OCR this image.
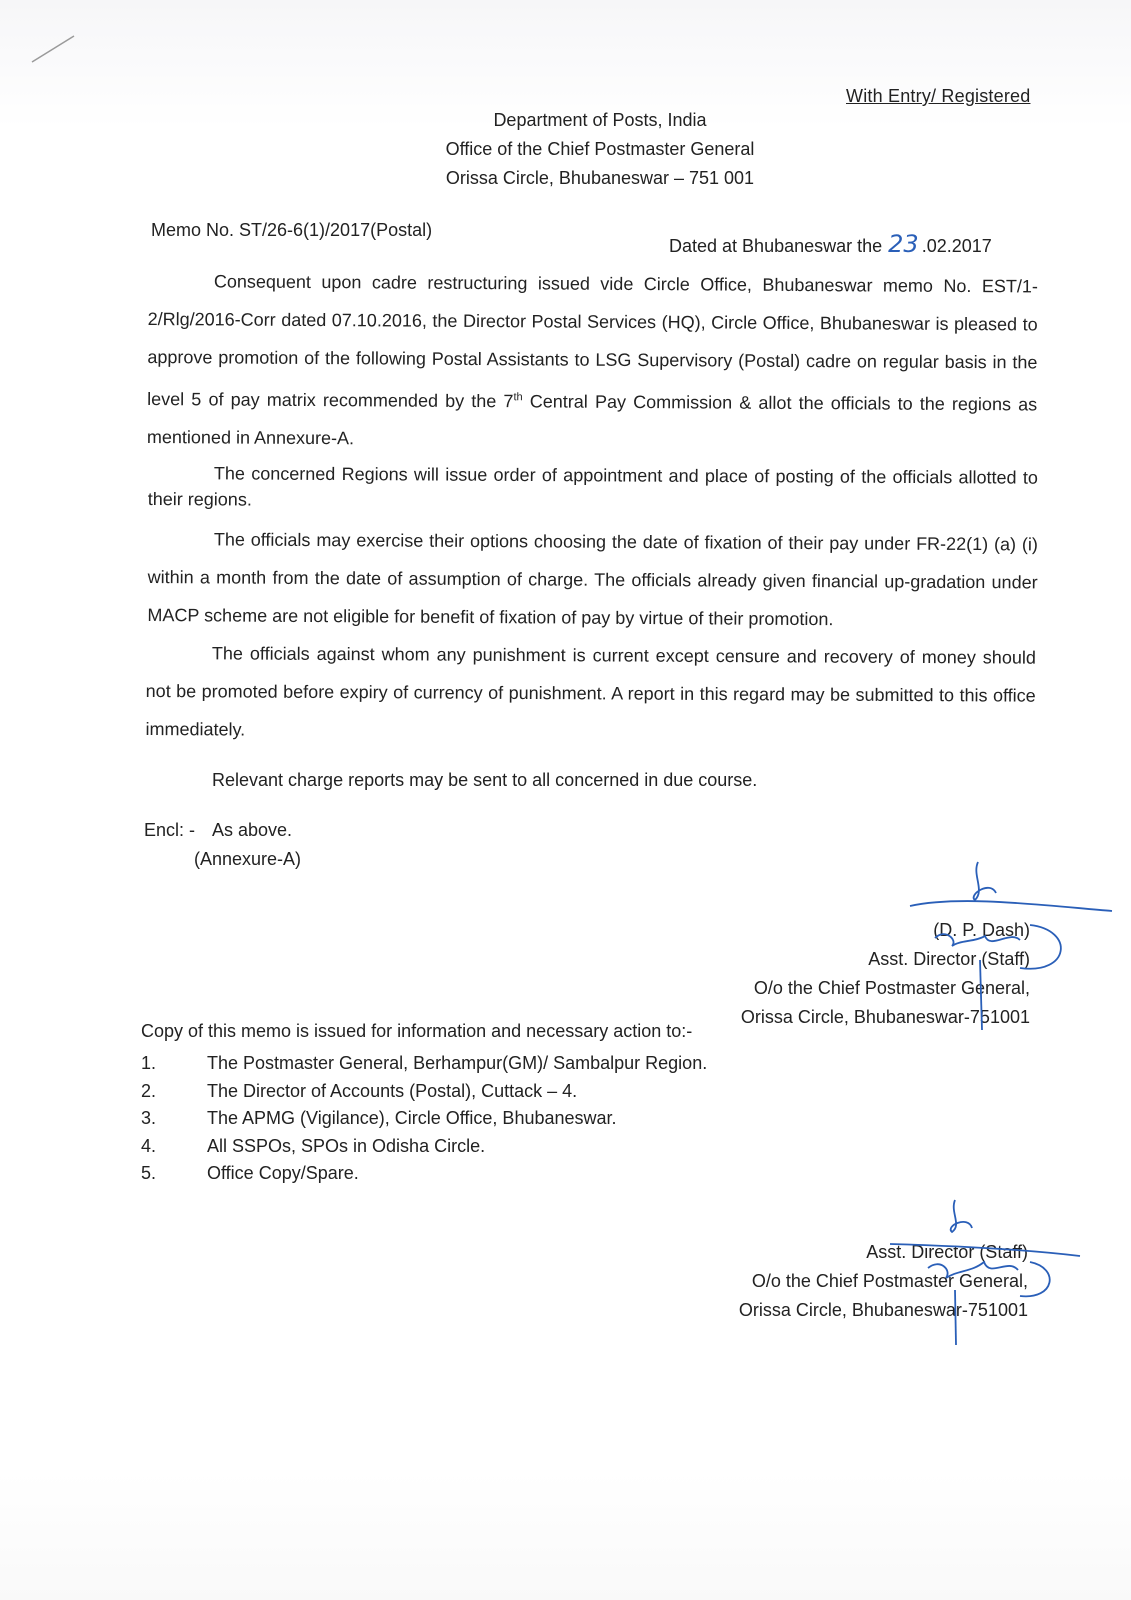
With Entry/ Registered
Department of Posts, India
Office of the Chief Postmaster General
Orissa Circle, Bhubaneswar – 751 001
Memo No. ST/26-6(1)/2017(Postal)
Dated at Bhubaneswar the 23 .02.2017
Consequent upon cadre restructuring issued vide Circle Office, Bhubaneswar memo No. EST/1-2/Rlg/2016-Corr dated 07.10.2016, the Director Postal Services (HQ), Circle Office, Bhubaneswar is pleased to approve promotion of the following Postal Assistants to LSG Supervisory (Postal) cadre on regular basis in the level 5 of pay matrix recommended by the 7th Central Pay Commission & allot the officials to the regions as mentioned in Annexure-A.
The concerned Regions will issue order of appointment and place of posting of the officials allotted to their regions.
The officials may exercise their options choosing the date of fixation of their pay under FR-22(1) (a) (i) within a month from the date of assumption of charge. The officials already given financial up-gradation under MACP scheme are not eligible for benefit of fixation of pay by virtue of their promotion.
The officials against whom any punishment is current except censure and recovery of money should not be promoted before expiry of currency of punishment. A report in this regard may be submitted to this office immediately.
Relevant charge reports may be sent to all concerned in due course.
Encl: - As above.
(Annexure-A)
(D. P. Dash)
Asst. Director (Staff)
O/o the Chief Postmaster General,
Orissa Circle, Bhubaneswar-751001
Copy of this memo is issued for information and necessary action to:-
1.	The Postmaster General, Berhampur(GM)/ Sambalpur Region.
2.	The Director of Accounts (Postal), Cuttack – 4.
3.	The APMG (Vigilance), Circle Office, Bhubaneswar.
4.	All SSPOs, SPOs in Odisha Circle.
5.	Office Copy/Spare.
Asst. Director (Staff)
O/o the Chief Postmaster General,
Orissa Circle, Bhubaneswar-751001
